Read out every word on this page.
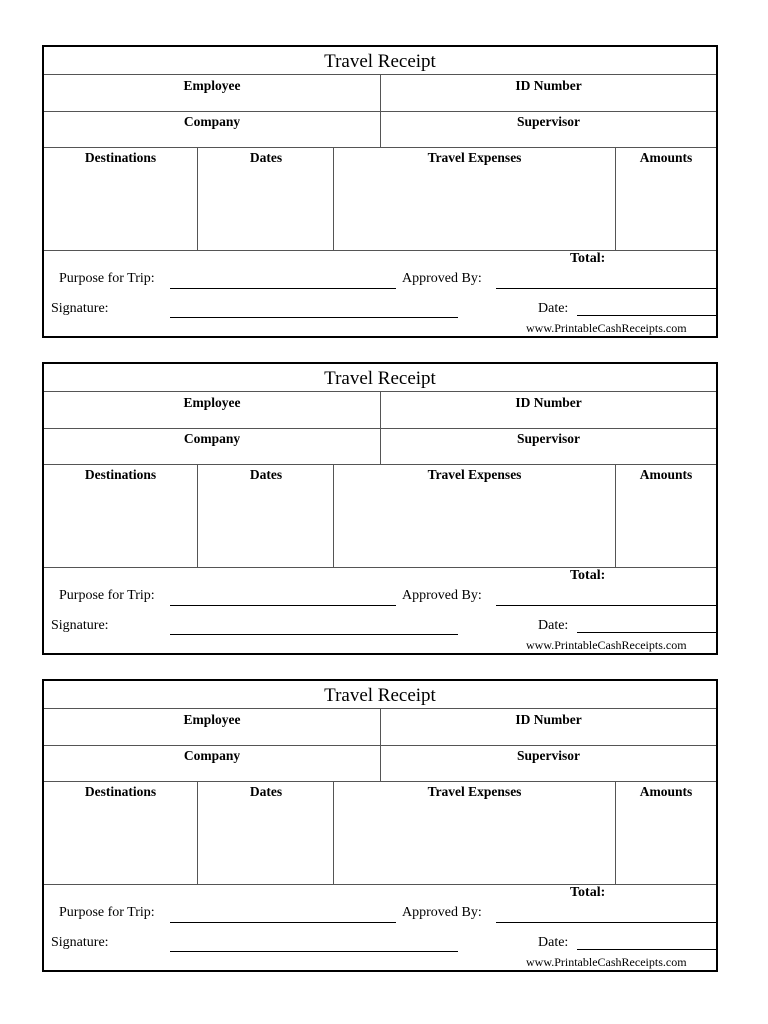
Travel Receipt
Employee	ID Number
Company	Supervisor
Destinations	Dates	Travel Expenses	Amounts
Total:
Purpose for Trip:	Approved By:
Signature:	Date:
www.PrintableCashReceipts.com
Travel Receipt
Employee	ID Number
Company	Supervisor
Destinations	Dates	Travel Expenses	Amounts
Total:
Purpose for Trip:	Approved By:
Signature:	Date:
www.PrintableCashReceipts.com
Travel Receipt
Employee	ID Number
Company	Supervisor
Destinations	Dates	Travel Expenses	Amounts
Total:
Purpose for Trip:	Approved By:
Signature:	Date:
www.PrintableCashReceipts.com
